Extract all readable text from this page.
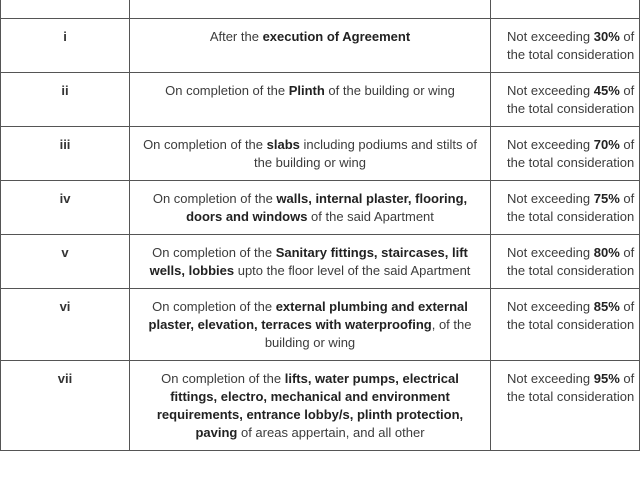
i	After the execution of Agreement	Not exceeding 30% of the total consideration
ii	On completion of the Plinth of the building or wing	Not exceeding 45% of the total consideration
iii	On completion of the slabs including podiums and stilts of the building or wing	Not exceeding 70% of the total consideration
iv	On completion of the walls, internal plaster, flooring, doors and windows of the said Apartment	Not exceeding 75% of the total consideration
v	On completion of the Sanitary fittings, staircases, lift wells, lobbies upto the floor level of the said Apartment	Not exceeding 80% of the total consideration
vi	On completion of the external plumbing and external plaster, elevation, terraces with waterproofing, of the building or wing	Not exceeding 85% of the total consideration
vii	On completion of the lifts, water pumps, electrical fittings, electro, mechanical and environment requirements, entrance lobby/s, plinth protection, paving of areas appertain, and all other	Not exceeding 95% of the total consideration
